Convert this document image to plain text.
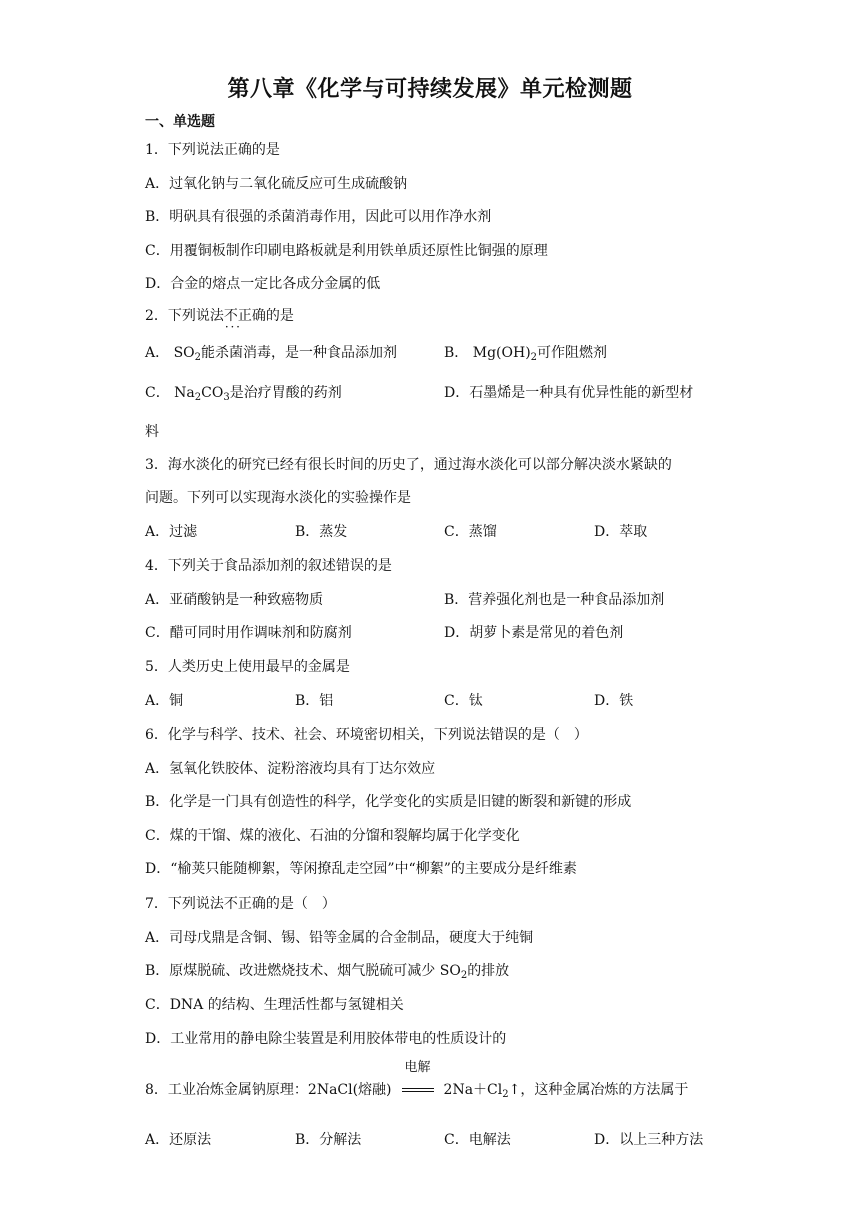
第八章《化学与可持续发展》单元检测题
一、单选题
1．下列说法正确的是
A．过氧化钠与二氧化硫反应可生成硫酸钠
B．明矾具有很强的杀菌消毒作用，因此可以用作净水剂
C．用覆铜板制作印刷电路板就是利用铁单质还原性比铜强的原理
D．合金的熔点一定比各成分金属的低
2．下列说法不正确 · · ·的是
A． $SO_2$能杀菌消毒，是一种食品添加剂	B． $Mg(OH)_2$可作阻燃剂
C． $Na_2CO_3$是治疗胃酸的药剂	D．石墨烯是一种具有优异性能的新型材
料
3．海水淡化的研究已经有很长时间的历史了，通过海水淡化可以部分解决淡水紧缺的
问题。下列可以实现海水淡化的实验操作是
A．过滤	B．蒸发	C．蒸馏	D．萃取
4．下列关于食品添加剂的叙述错误的是
A．亚硝酸钠是一种致癌物质	B．营养强化剂也是一种食品添加剂
C．醋可同时用作调味剂和防腐剂	D．胡萝卜素是常见的着色剂
5．人类历史上使用最早的金属是
A．铜	B．铝	C．钛	D．铁
6．化学与科学、技术、社会、环境密切相关，下列说法错误的是（　）
A．氢氧化铁胶体、淀粉溶液均具有丁达尔效应
B．化学是一门具有创造性的科学，化学变化的实质是旧键的断裂和新键的形成
C．煤的干馏、煤的液化、石油的分馏和裂解均属于化学变化
D．“榆荚只能随柳絮，等闲撩乱走空园”中“柳絮”的主要成分是纤维素
7．下列说法不正确的是（　）
A．司母戊鼎是含铜、锡、铅等金属的合金制品，硬度大于纯铜
B．原煤脱硫、改进燃烧技术、烟气脱硫可减少 $SO_2$的排放
C．DNA 的结构、生理活性都与氢键相关
D．工业常用的静电除尘装置是利用胶体带电的性质设计的
8．工业冶炼金属钠原理：2NaCl(熔融)
电解
$2Na+Cl_2↑$，这种金属冶炼的方法属于
A．还原法	B．分解法	C．电解法	D．以上三种方法
